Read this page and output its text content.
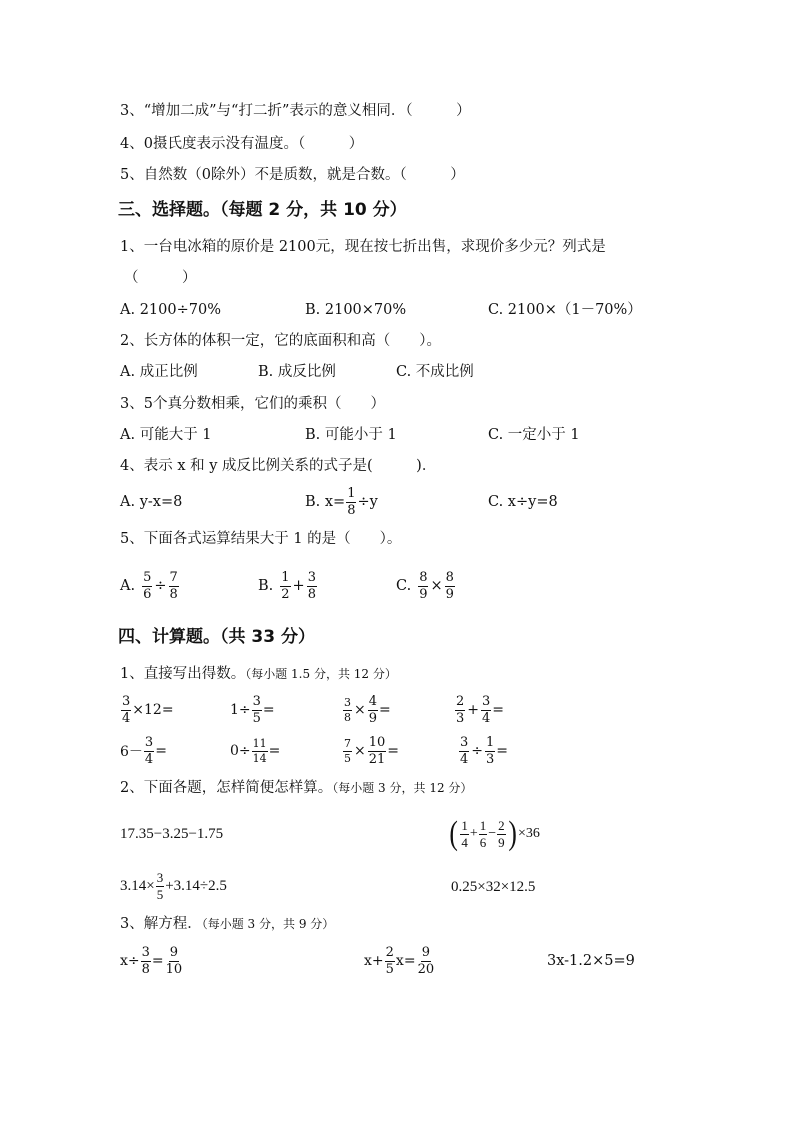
3、“增加二成”与“打二折”表示的意义相同．（　　　）
4、0摄氏度表示没有温度。（　　　）
5、自然数（0除外）不是质数，就是合数。（　　　）
三、选择题。（每题 2 分，共 10 分）
1、一台电冰箱的原价是 2100元，现在按七折出售，求现价多少元？列式是
（　　　）
A. 2100÷70%	B. 2100×70%	C. 2100×（1－70%）
2、长方体的体积一定，它的底面积和高（　　）。
A. 成正比例	B. 成反比例	C. 不成比例
3、5个真分数相乘，它们的乘积（　　）
A. 可能大于 1	B. 可能小于 1	C. 一定小于 1
4、表示 x 和 y 成反比例关系的式子是(　　　)．
A. y-x=8	B. $x= \frac{1}{8} \div y$	C. x÷y=8
5、下面各式运算结果大于 1 的是（　　）。
A. $\frac{5}{6} \div \frac{7}{8}$	B. $\frac{1}{2} + \frac{3}{8}$	C. $\frac{8}{9} \times \frac{8}{9}$
四、计算题。（共 33 分）
1、直接写出得数。（每小题 1.5 分，共 12 分）
$\frac{3}{4} \times 12=$	$1\div \frac{3}{5}$ =	$\frac{3}{8} \times \frac{4}{9}$ =	$\frac{2}{3} + \frac{3}{4}$ =
$6- \frac{3}{4}$ =	$0\div \frac{11}{14}$ =	$\frac{7}{5} \times \frac{10}{21}$ =	$\frac{3}{4} \div \frac{1}{3}$ =
2、下面各题，怎样简便怎样算。（每小题 3 分，共 12 分）
17.35−3.25−1.75	( $\frac{1}{4} + \frac{1}{6} - \frac{2}{9}$ ) ×36
$3.14\times \frac{3}{5} +3.14\div 2.5$	0.25×32×12.5
3、解方程．（每小题 3 分，共 9 分）
$x\div \frac{3}{8} = \frac{9}{10}$	$x+ \frac{2}{5} x= \frac{9}{20}$	3x-1.2×5=9
